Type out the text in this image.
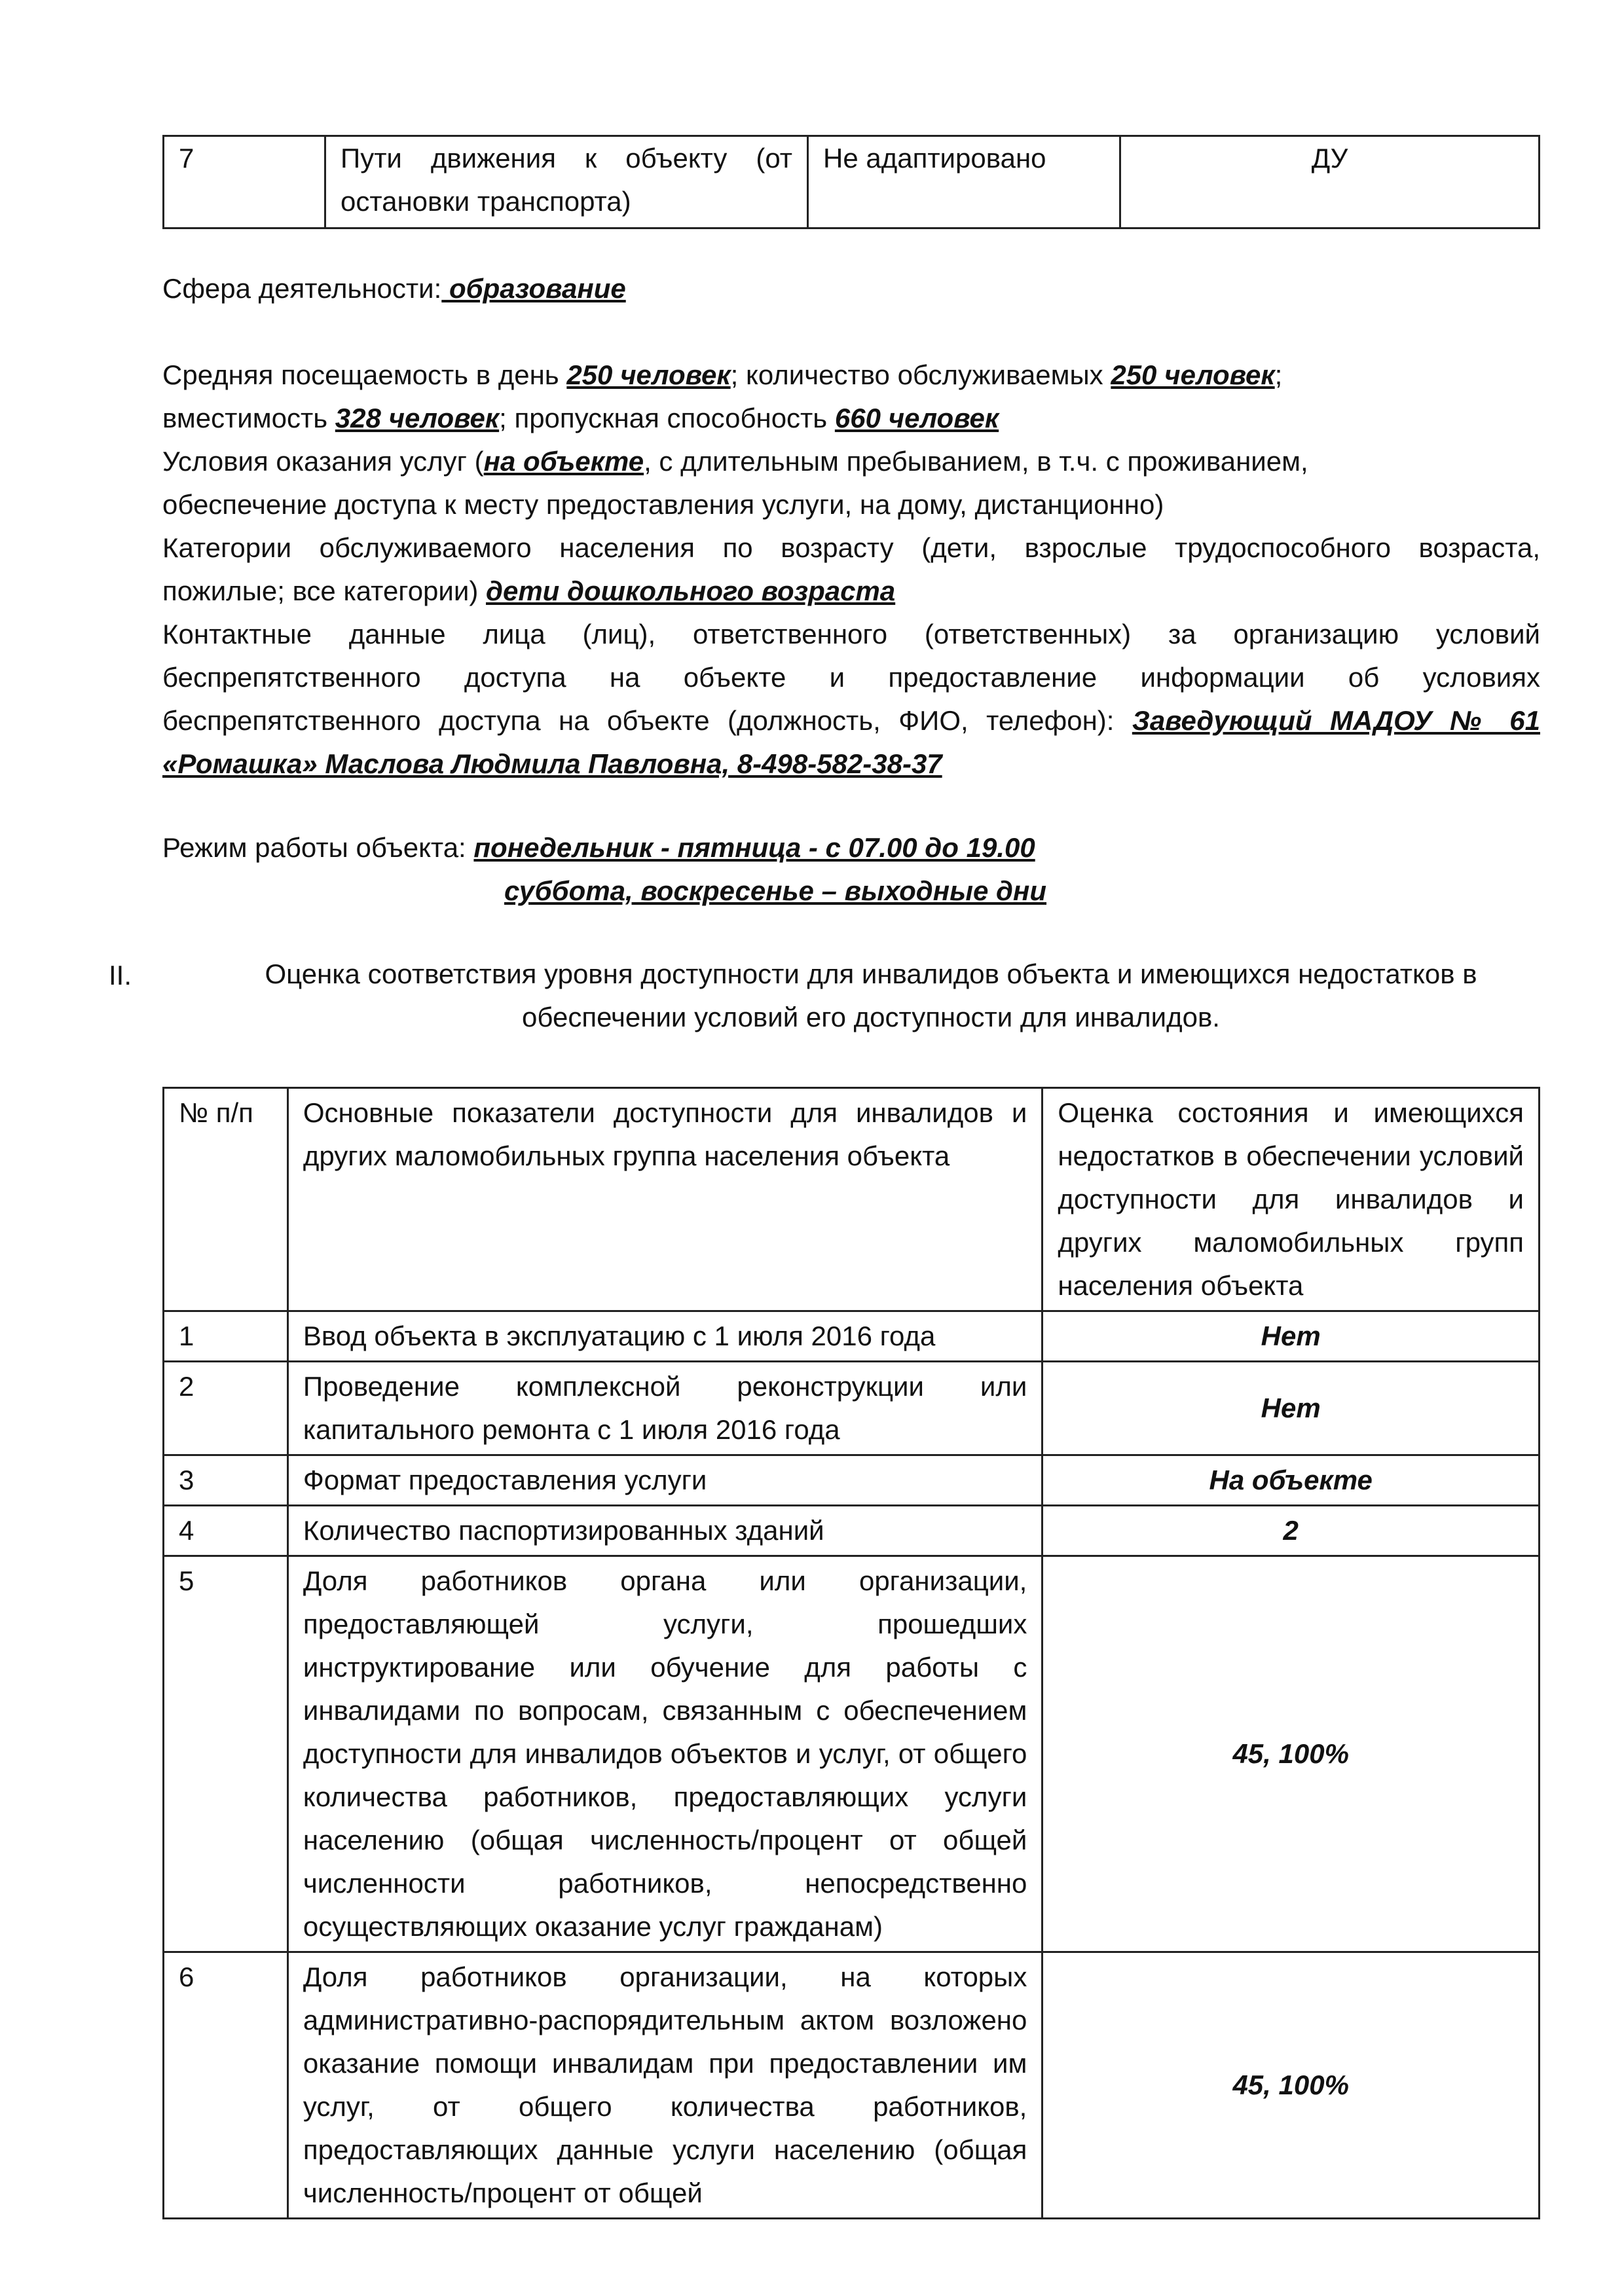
7	Пути движения к объекту (от остановки транспорта)	Не адаптировано	ДУ
Сфера деятельности: образование
Средняя посещаемость в день 250 человек; количество обслуживаемых 250 человек;
вместимость 328 человек; пропускная способность 660 человек
Условия оказания услуг (на объекте, с длительным пребыванием, в т.ч. с проживанием,
обеспечение доступа к месту предоставления услуги, на дому, дистанционно)
Категории обслуживаемого населения по возрасту (дети, взрослые трудоспособного возраста,
пожилые; все категории) дети дошкольного возраста
Контактные данные лица (лиц), ответственного (ответственных) за организацию условий
беспрепятственного доступа на объекте и предоставление информации об условиях
беспрепятственного доступа на объекте (должность, ФИО, телефон): Заведующий МАДОУ № 61
«Ромашка» Маслова Людмила Павловна, 8-498-582-38-37
Режим работы объекта: понедельник - пятница - с 07.00 до 19.00
суббота, воскресенье – выходные дни
II.	Оценка соответствия уровня доступности для инвалидов объекта и имеющихся недостатков в обеспечении условий его доступности для инвалидов.
№ п/п	Основные показатели доступности для инвалидов и других маломобильных группа населения объекта	Оценка состояния и имеющихся недостатков в обеспечении условий доступности для инвалидов и других маломобильных групп населения объекта
1	Ввод объекта в эксплуатацию с 1 июля 2016 года	Нет
2	Проведение комплексной реконструкции или капитального ремонта с 1 июля 2016 года	Нет
3	Формат предоставления услуги	На объекте
4	Количество паспортизированных зданий	2
5	Доля работников органа или организации, предоставляющей услуги, прошедших инструктирование или обучение для работы с инвалидами по вопросам, связанным с обеспечением доступности для инвалидов объектов и услуг, от общего количества работников, предоставляющих услуги населению (общая численность/процент от общей численности работников, непосредственно осуществляющих оказание услуг гражданам)	45, 100%
6	Доля работников организации, на которых административно-распорядительным актом возложено оказание помощи инвалидам при предоставлении им услуг, от общего количества работников, предоставляющих данные услуги населению (общая численность/процент от общей	45, 100%
